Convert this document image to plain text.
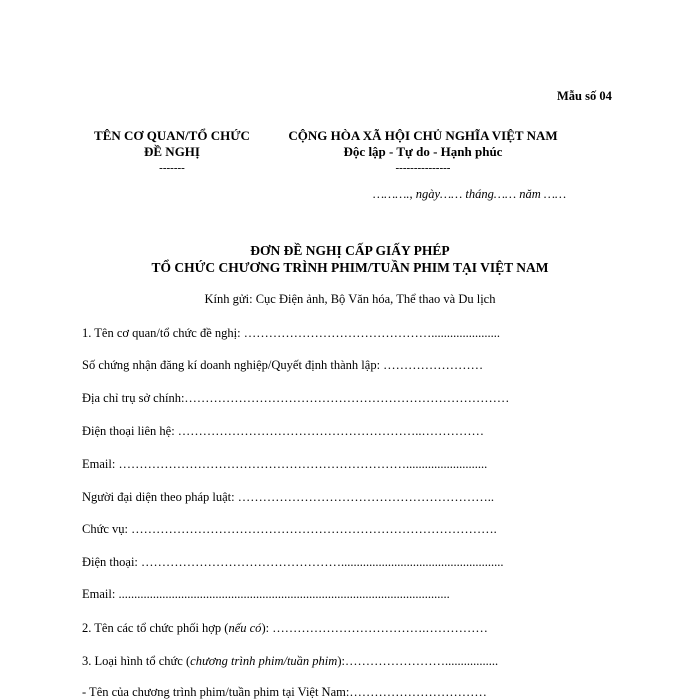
Mẫu số 04
TÊN CƠ QUAN/TỔ CHỨC
ĐỀ NGHỊ
-------
CỘNG HÒA XÃ HỘI CHỦ NGHĨA VIỆT NAM
Độc lập - Tự do - Hạnh phúc
---------------
………., ngày…… tháng…… năm ……
ĐƠN ĐỀ NGHỊ CẤP GIẤY PHÉP
TỔ CHỨC CHƯƠNG TRÌNH PHIM/TUẦN PHIM TẠI VIỆT NAM
Kính gửi: Cục Điện ảnh, Bộ Văn hóa, Thể thao và Du lịch
1. Tên cơ quan/tổ chức đề nghị: ………………………………………......................
Số chứng nhận đăng kí doanh nghiệp/Quyết định thành lập: ……………………
Địa chỉ trụ sở chính:……………………………………………………………………
Điện thoại liên hệ: …………………………………………………..……………
Email: ……………………………………………………………..........................
Người đại diện theo pháp luật: ……………………………………………………..
Chức vụ: …………………………………………………………………………….
Điện thoại: …………………………………………....................................................
Email: ..........................................................................................................
2. Tên các tổ chức phối hợp (nếu có): ……………………………….……………
3. Loại hình tổ chức (chương trình phim/tuần phim):…………………….................
- Tên của chương trình phim/tuần phim tại Việt Nam:……………………………
